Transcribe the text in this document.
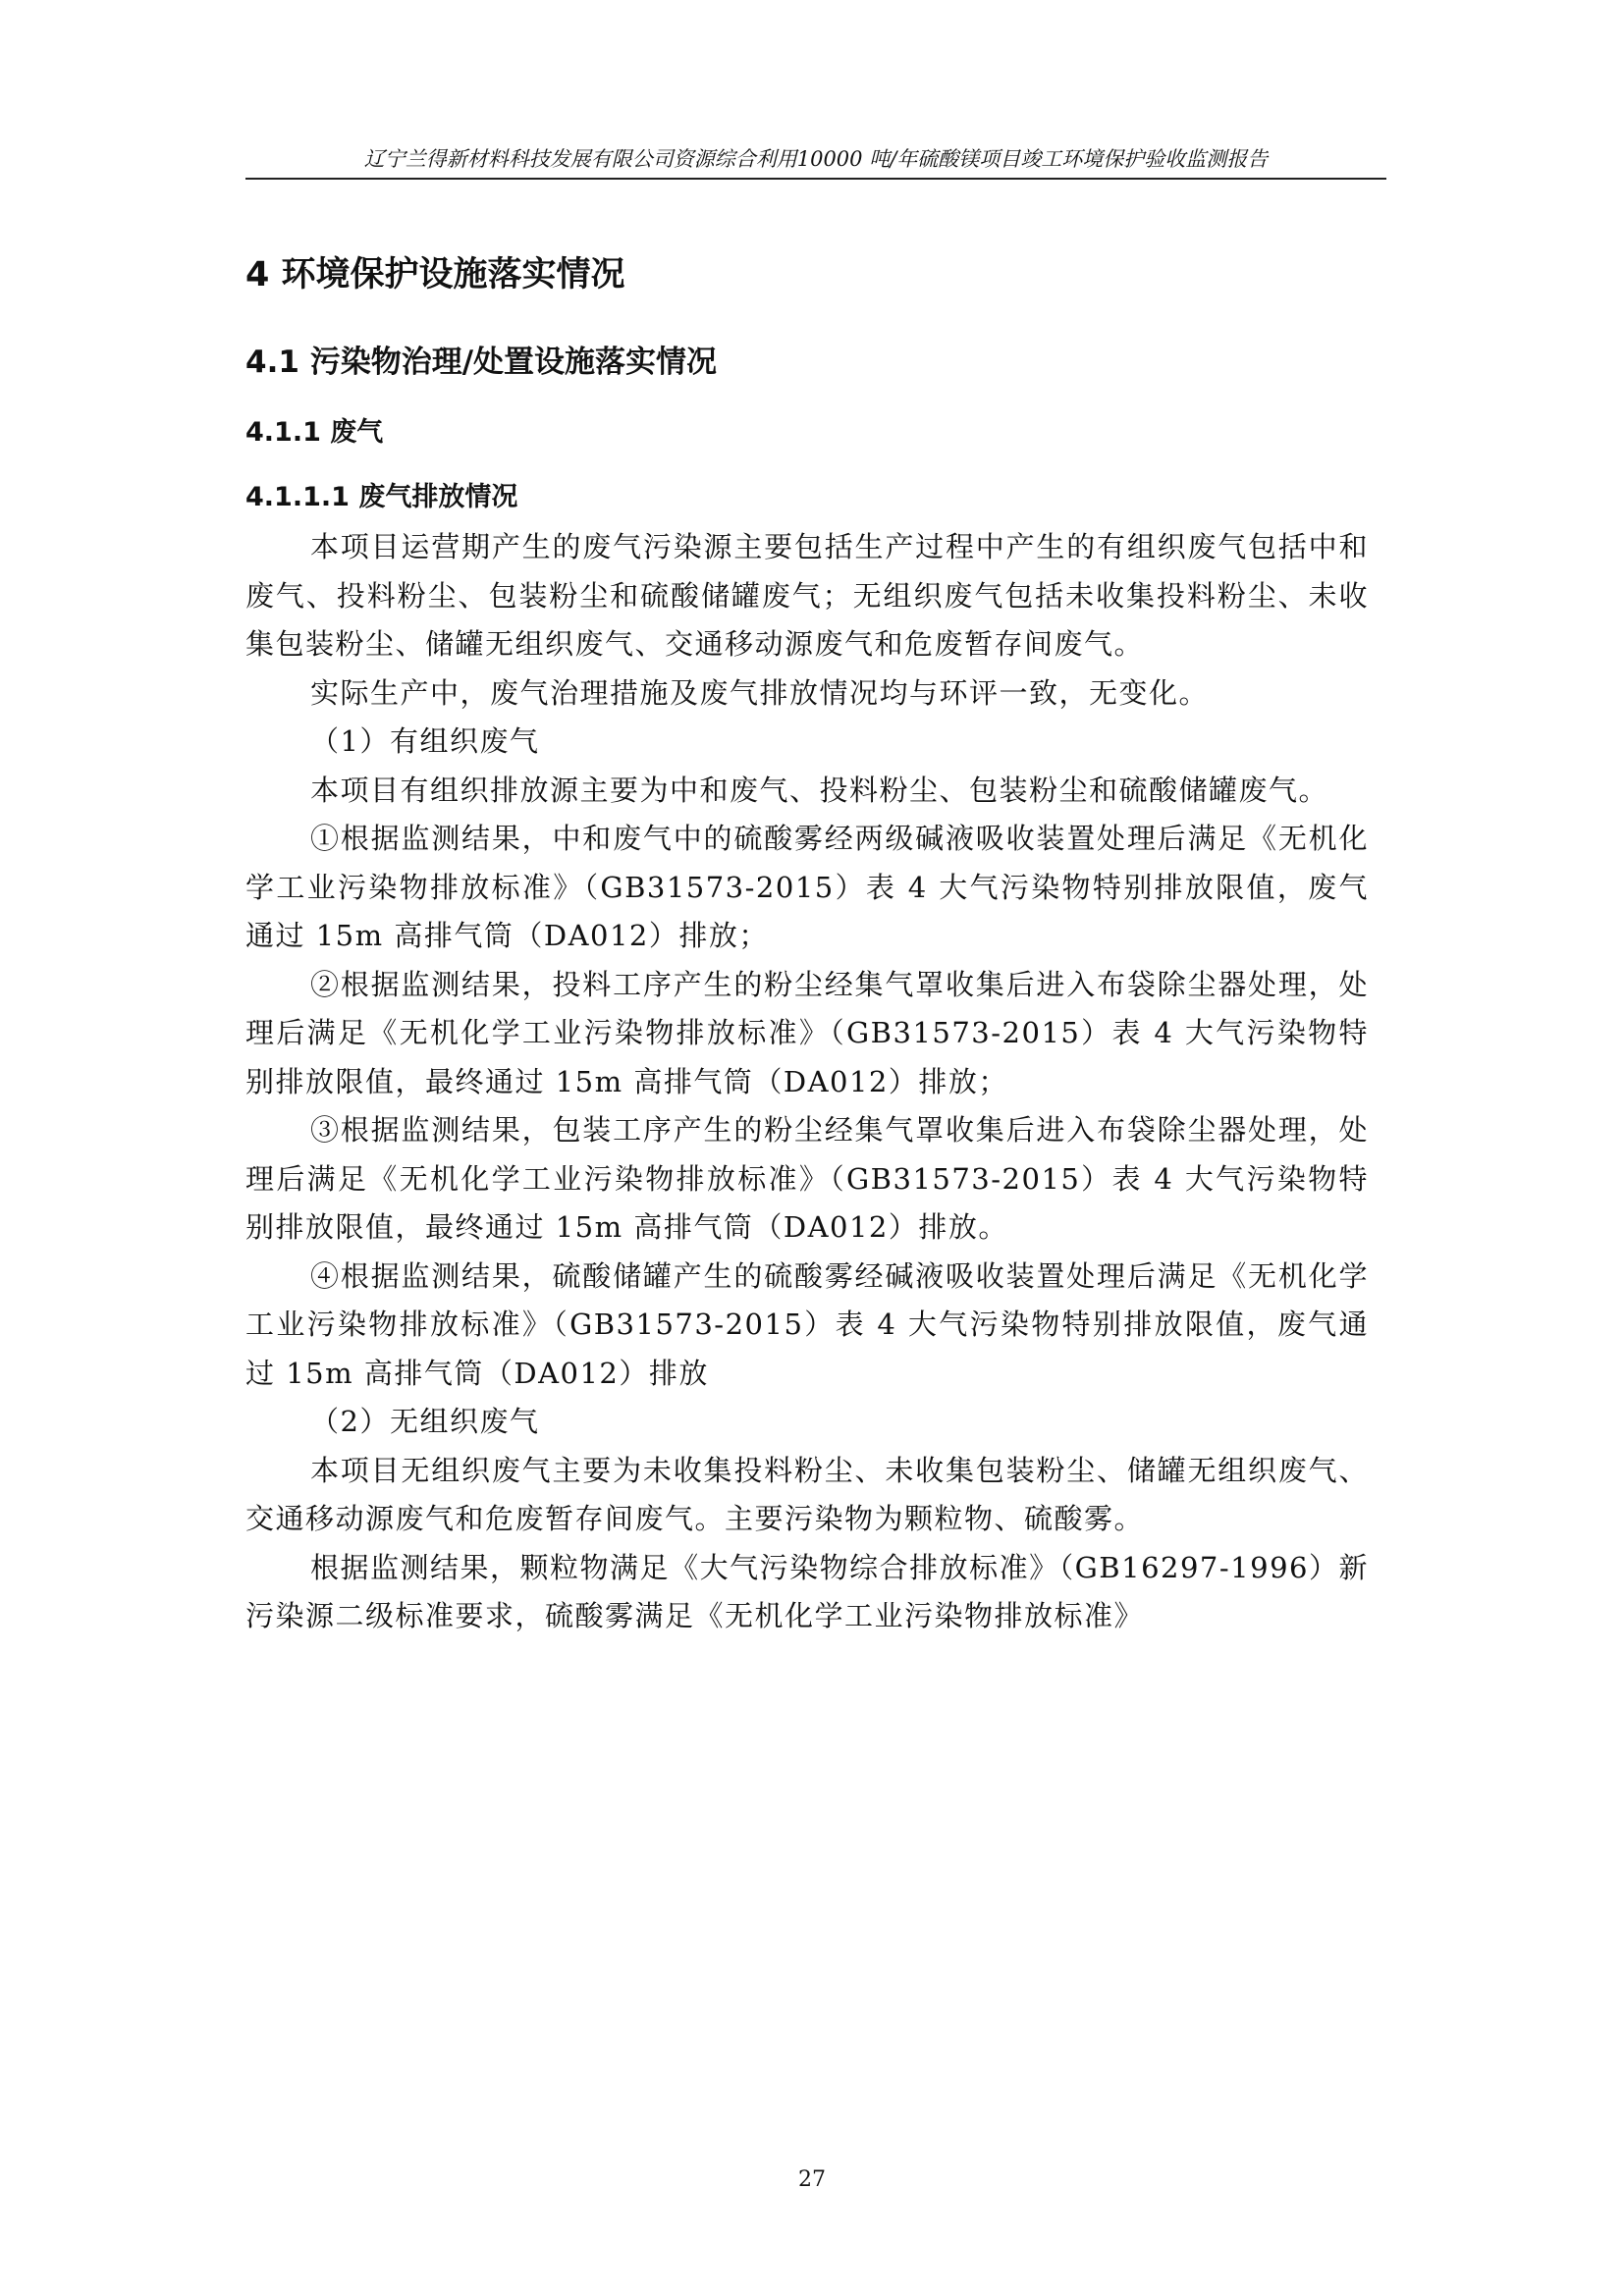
辽宁兰得新材料科技发展有限公司资源综合利用10000 吨/年硫酸镁项目竣工环境保护验收监测报告
4 环境保护设施落实情况
4.1 污染物治理/处置设施落实情况
4.1.1 废气
4.1.1.1 废气排放情况

本项目运营期产生的废气污染源主要包括生产过程中产生的有组织废气包括中和废气、投料粉尘、包装粉尘和硫酸储罐废气；无组织废气包括未收集投料粉尘、未收集包装粉尘、储罐无组织废气、交通移动源废气和危废暂存间废气。

实际生产中，废气治理措施及废气排放情况均与环评一致，无变化。

（1）有组织废气

本项目有组织排放源主要为中和废气、投料粉尘、包装粉尘和硫酸储罐废气。

①根据监测结果，中和废气中的硫酸雾经两级碱液吸收装置处理后满足《无机化学工业污染物排放标准》（GB31573-2015）表 4 大气污染物特别排放限值，废气通过 15m 高排气筒（DA012）排放；

②根据监测结果，投料工序产生的粉尘经集气罩收集后进入布袋除尘器处理，处理后满足《无机化学工业污染物排放标准》（GB31573-2015）表 4 大气污染物特别排放限值，最终通过 15m 高排气筒（DA012）排放；

③根据监测结果，包装工序产生的粉尘经集气罩收集后进入布袋除尘器处理，处理后满足《无机化学工业污染物排放标准》（GB31573-2015）表 4 大气污染物特别排放限值，最终通过 15m 高排气筒（DA012）排放。

④根据监测结果，硫酸储罐产生的硫酸雾经碱液吸收装置处理后满足《无机化学工业污染物排放标准》（GB31573-2015）表 4 大气污染物特别排放限值，废气通过 15m 高排气筒（DA012）排放

（2）无组织废气

本项目无组织废气主要为未收集投料粉尘、未收集包装粉尘、储罐无组织废气、交通移动源废气和危废暂存间废气。主要污染物为颗粒物、硫酸雾。

根据监测结果，颗粒物满足《大气污染物综合排放标准》（GB16297-1996）新污染源二级标准要求，硫酸雾满足《无机化学工业污染物排放标准》

27
